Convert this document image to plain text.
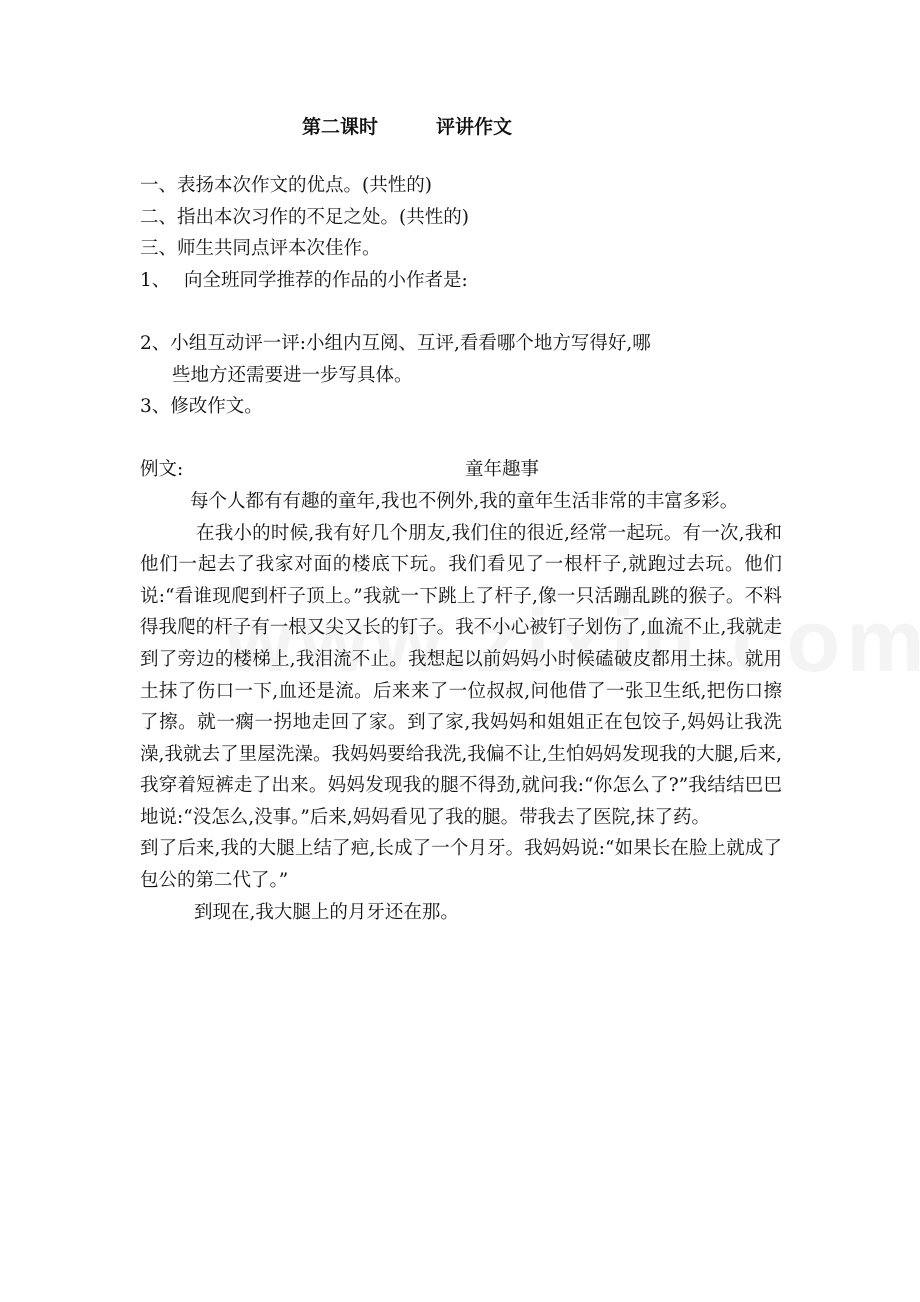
第二课时	评讲作文
一、表扬本次作文的优点。(共性的)
二、指出本次习作的不足之处。(共性的)
三、师生共同点评本次佳作。
1、 向全班同学推荐的作品的小作者是:
2、小组互动评一评:小组内互阅、互评,看看哪个地方写得好,哪
些地方还需要进一步写具体。
3、修改作文。
例文:	童年趣事
每个人都有有趣的童年,我也不例外,我的童年生活非常的丰富多彩。
在我小的时候,我有好几个朋友,我们住的很近,经常一起玩。有一次,我和他们一起去了我家对面的楼底下玩。我们看见了一根杆子,就跑过去玩。他们说:“看谁现爬到杆子顶上。”我就一下跳上了杆子,像一只活蹦乱跳的猴子。不料得我爬的杆子有一根又尖又长的钉子。我不小心被钉子划伤了,血流不止,我就走到了旁边的楼梯上,我泪流不止。我想起以前妈妈小时候磕破皮都用土抹。就用土抹了伤口一下,血还是流。后来来了一位叔叔,问他借了一张卫生纸,把伤口擦了擦。就一瘸一拐地走回了家。到了家,我妈妈和姐姐正在包饺子,妈妈让我洗澡,我就去了里屋洗澡。我妈妈要给我洗,我偏不让,生怕妈妈发现我的大腿,后来,我穿着短裤走了出来。妈妈发现我的腿不得劲,就问我:“你怎么了?”我结结巴巴地说:“没怎么,没事。”后来,妈妈看见了我的腿。带我去了医院,抹了药。
到了后来,我的大腿上结了疤,长成了一个月牙。我妈妈说:“如果长在脸上就成了包公的第二代了。”
到现在,我大腿上的月牙还在那。
